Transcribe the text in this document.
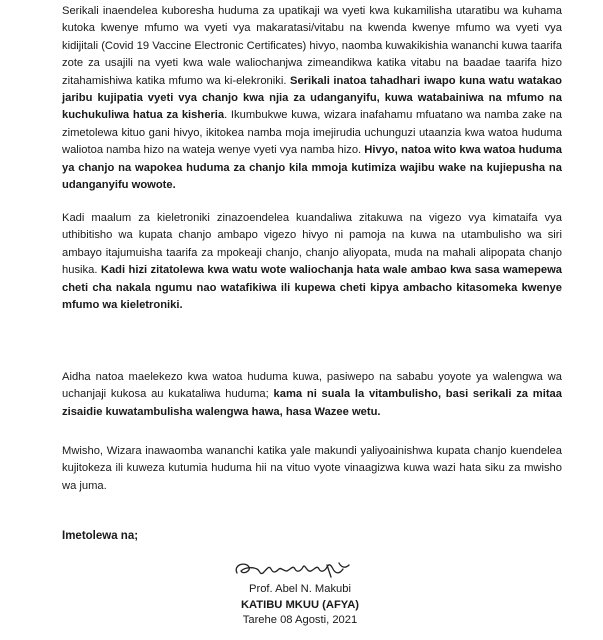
Serikali inaendelea kuboresha huduma za upatikaji wa vyeti kwa kukamilisha utaratibu wa kuhama kutoka kwenye mfumo wa vyeti vya makaratasi/vitabu na kwenda kwenye mfumo wa vyeti vya kidijitali (Covid 19 Vaccine Electronic Certificates) hivyo, naomba kuwakikishia wananchi kuwa taarifa zote za usajili na vyeti kwa wale waliochanjwa zimeandikwa katika vitabu na baadae taarifa hizo zitahamishiwa katika mfumo wa ki-elekroniki. Serikali inatoa tahadhari iwapo kuna watu watakao jaribu kujipatia vyeti vya chanjo kwa njia za udanganyifu, kuwa watabainiwa na mfumo na kuchukuliwa hatua za kisheria. Ikumbukwe kuwa, wizara inafahamu mfuatano wa namba zake na zimetolewa kituo gani hivyo, ikitokea namba moja imejirudia uchunguzi utaanzia kwa watoa huduma waliotoa namba hizo na wateja wenye vyeti vya namba hizo. Hivyo, natoa wito kwa watoa huduma ya chanjo na wapokea huduma za chanjo kila mmoja kutimiza wajibu wake na kujiepusha na udanganyifu wowote.

Kadi maalum za kieletroniki zinazoendelea kuandaliwa zitakuwa na vigezo vya kimataifa vya uthibitisho wa kupata chanjo ambapo vigezo hivyo ni pamoja na kuwa na utambulisho wa siri ambayo itajumuisha taarifa za mpokeaji chanjo, chanjo aliyopata, muda na mahali alipopata chanjo husika. Kadi hizi zitatolewa kwa watu wote waliochanja hata wale ambao kwa sasa wamepewa cheti cha nakala ngumu nao watafikiwa ili kupewa cheti kipya ambacho kitasomeka kwenye mfumo wa kieletroniki.

Aidha natoa maelekezo kwa watoa huduma kuwa, pasiwepo na sababu yoyote ya walengwa wa uchanjaji kukosa au kukataliwa huduma; kama ni suala la vitambulisho, basi serikali za mitaa zisaidie kuwatambulisha walengwa hawa, hasa Wazee wetu.

Mwisho, Wizara inawaomba wananchi katika yale makundi yaliyoainishwa kupata chanjo kuendelea kujitokeza ili kuweza kutumia huduma hii na vituo vyote vinaagizwa kuwa wazi hata siku za mwisho wa juma.

Imetolewa na;

Prof. Abel N. Makubi
KATIBU MKUU (AFYA)
Tarehe 08 Agosti, 2021
